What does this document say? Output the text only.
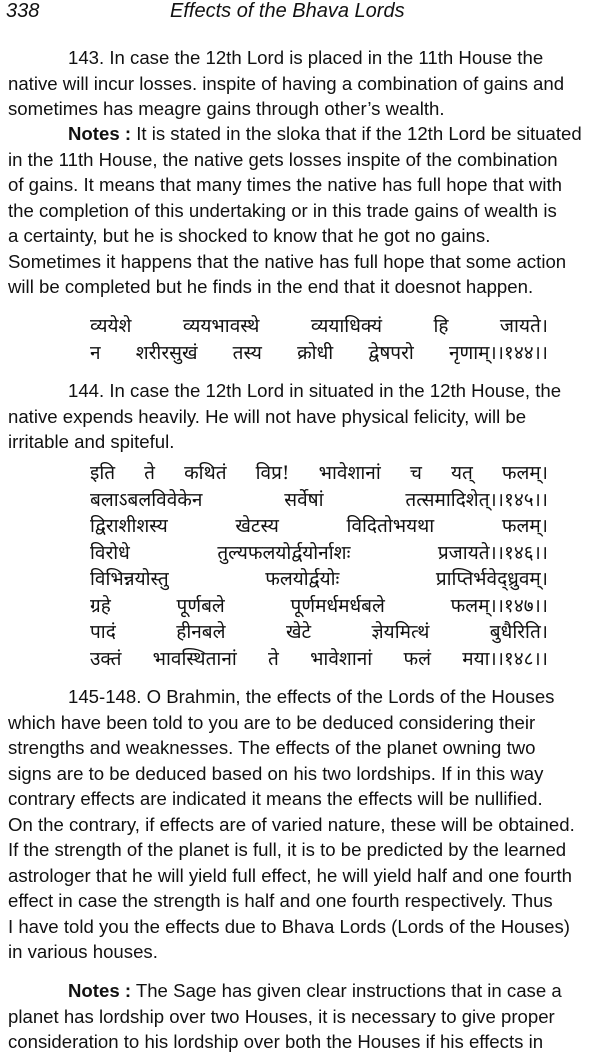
338	Effects of the Bhava Lords
143. In case the 12th Lord is placed in the 11th House the
native will incur losses. inspite of having a combination of gains and
sometimes has meagre gains through other’s wealth.
Notes : It is stated in the sloka that if the 12th Lord be situated
in the 11th House, the native gets losses inspite of the combination
of gains. It means that many times the native has full hope that with
the completion of this undertaking or in this trade gains of wealth is
a certainty, but he is shocked to know that he got no gains.
Sometimes it happens that the native has full hope that some action
will be completed but he finds in the end that it doesnot happen.
व्ययेशे	व्ययभावस्थे	व्ययाधिक्यं	हि	जायते।
न शरीरसुखं तस्य क्रोधी द्वेषपरो नृणाम्।।१४४।।
144. In case the 12th Lord in situated in the 12th House, the
native expends heavily. He will not have physical felicity, will be
irritable and spiteful.
इति ते कथितं विप्र! भावेशानां च यत् फलम्।
बलाऽबलविवेकेन	सर्वेषां	तत्समादिशेत्।।१४५।।
द्विराशीशस्य	खेटस्य	विदितोभयथा	फलम्।
विरोधे	तुल्यफलयोर्द्वयोर्नाशः	प्रजायते।।१४६।।
विभिन्नयोस्तु	फलयोर्द्वयोः	प्राप्तिर्भवेद्ध्रुवम्।
ग्रहे	पूर्णबले	पूर्णमर्धमर्धबले	फलम्।।१४७।।
पादं	हीनबले	खेटे	ज्ञेयमित्थं	बुधैरिति।
उक्तं भावस्थितानां ते भावेशानां फलं मया।।१४८।।
145-148. O Brahmin, the effects of the Lords of the Houses
which have been told to you are to be deduced considering their
strengths and weaknesses. The effects of the planet owning two
signs are to be deduced based on his two lordships. If in this way
contrary effects are indicated it means the effects will be nullified.
On the contrary, if effects are of varied nature, these will be obtained.
If the strength of the planet is full, it is to be predicted by the learned
astrologer that he will yield full effect, he will yield half and one fourth
effect in case the strength is half and one fourth respectively. Thus
I have told you the effects due to Bhava Lords (Lords of the Houses)
in various houses.
Notes : The Sage has given clear instructions that in case a
planet has lordship over two Houses, it is necessary to give proper
consideration to his lordship over both the Houses if his effects in
